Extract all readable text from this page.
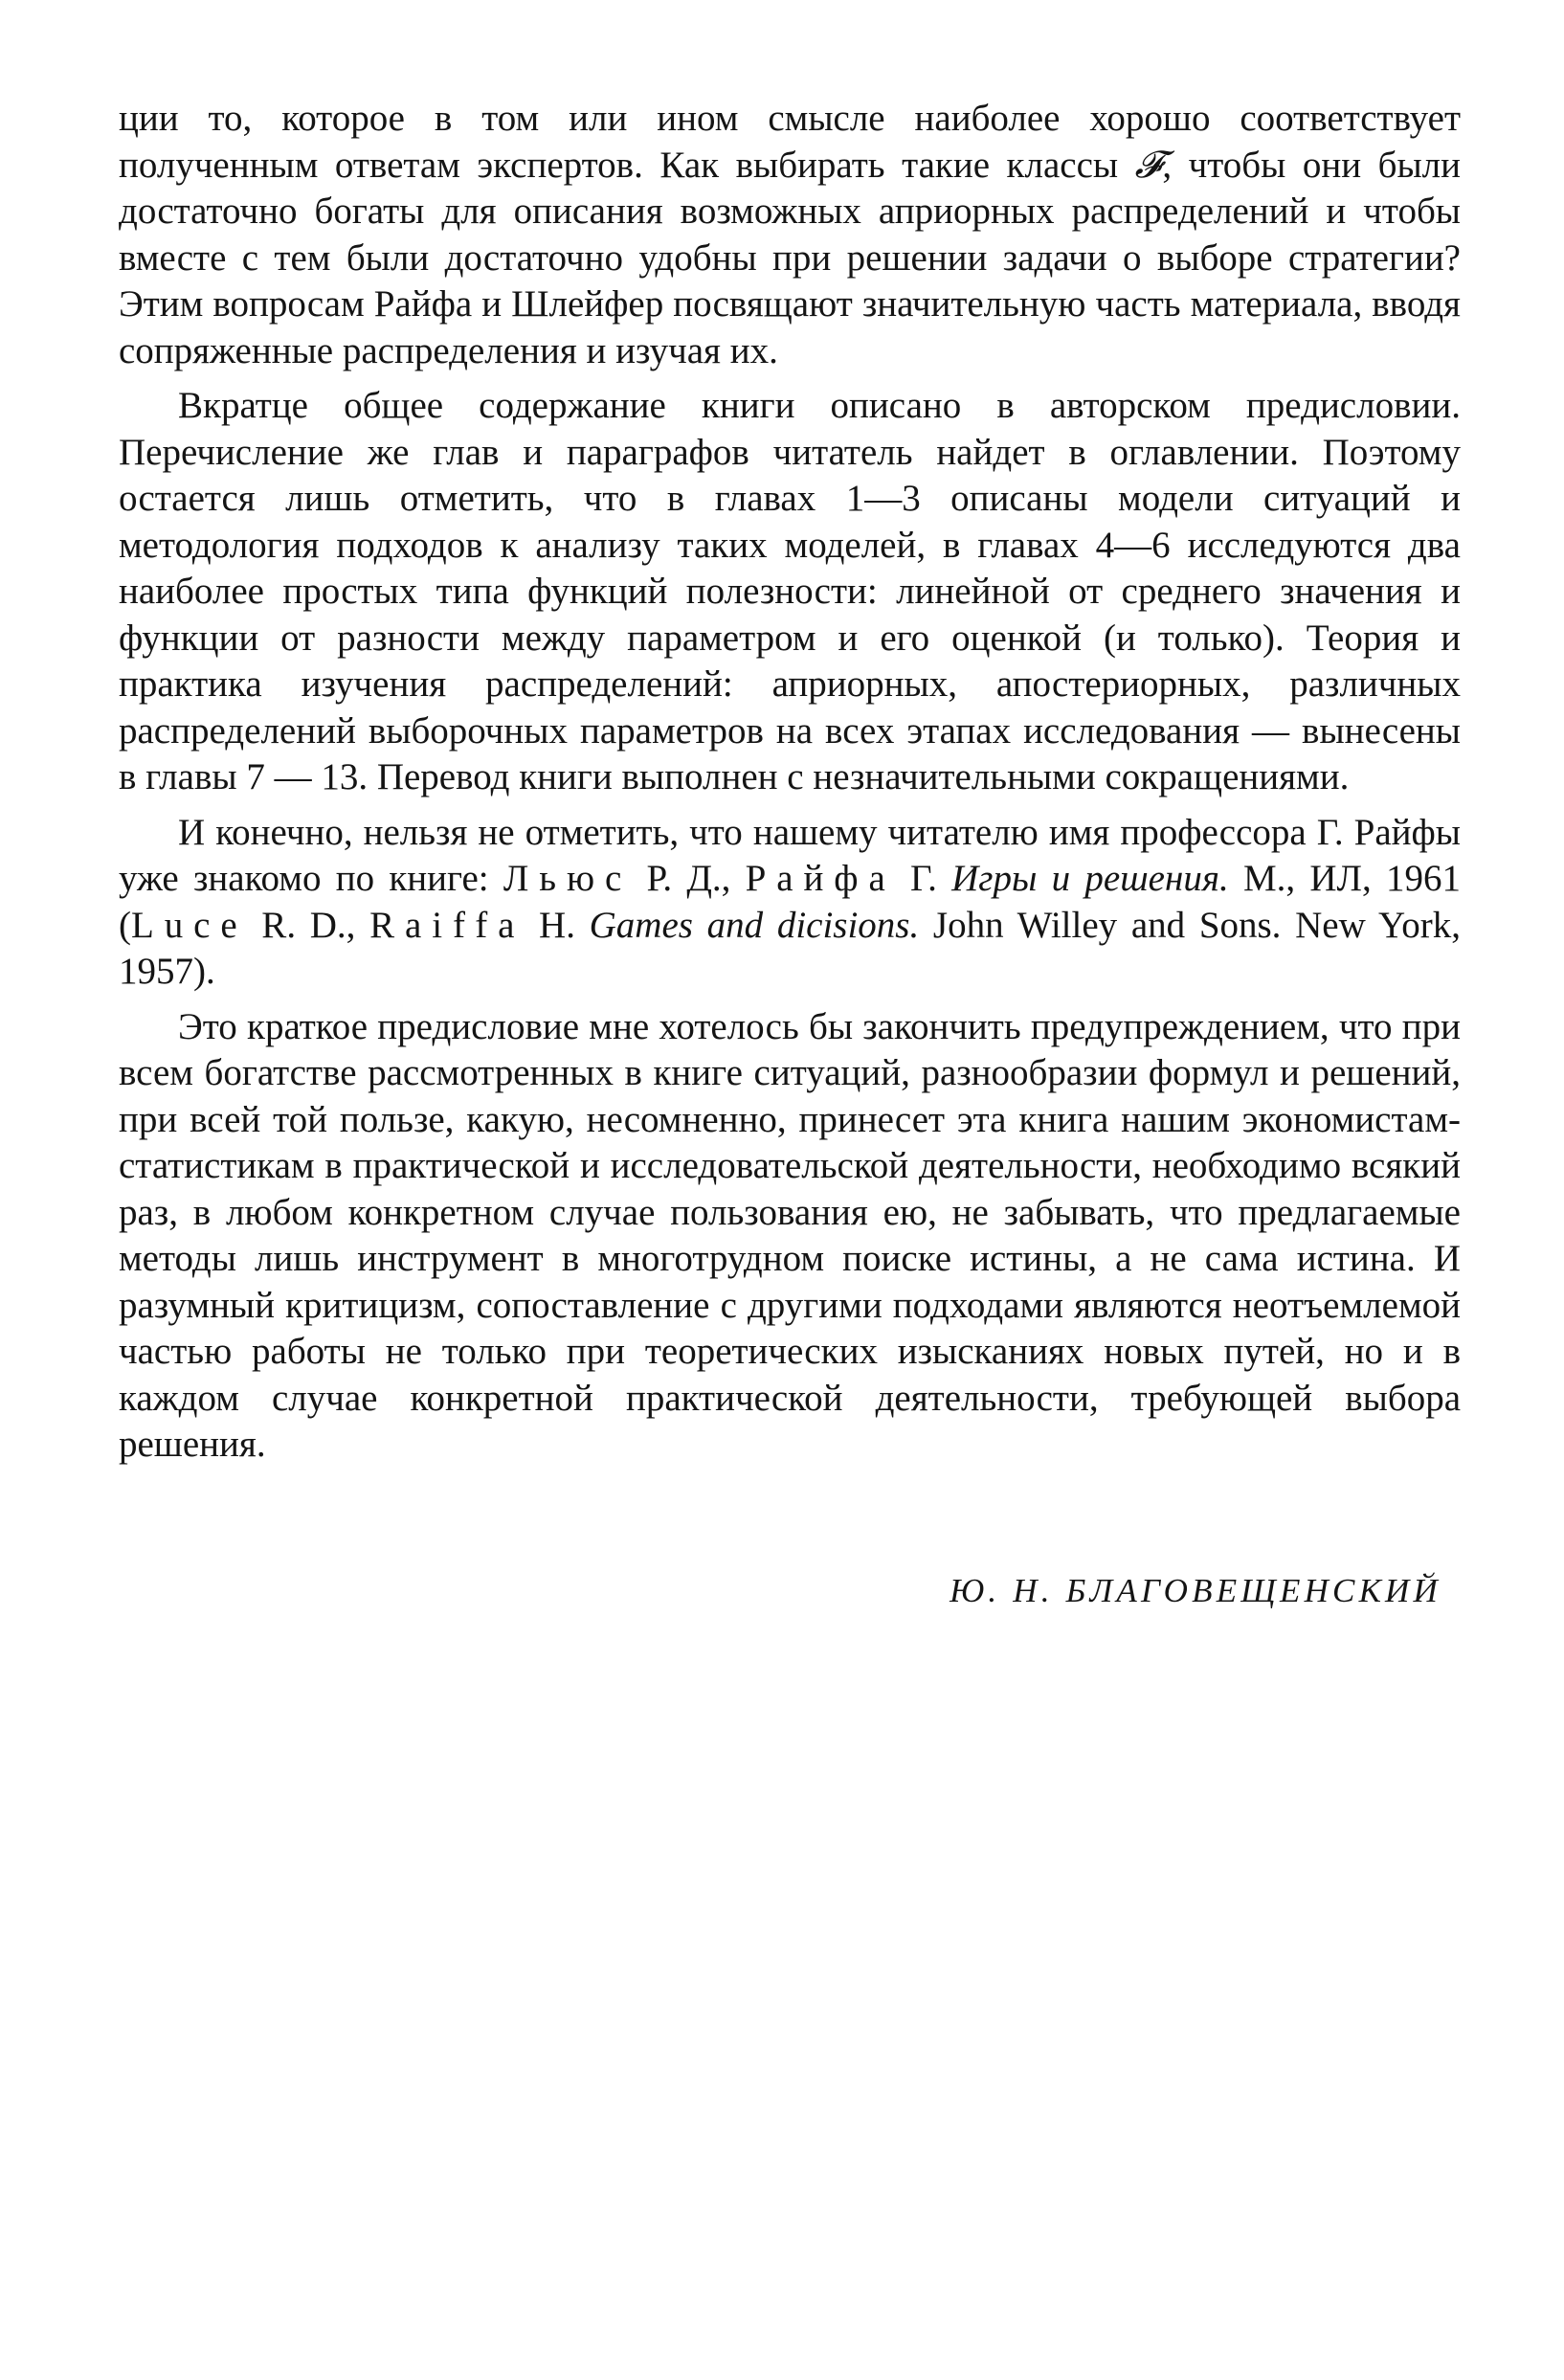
ции то, которое в том или ином смысле наиболее хорошо соответствует полученным ответам экспертов. Как выбирать такие классы 𝓕, чтобы они были достаточно богаты для описания возможных априорных распределений и чтобы вместе с тем были достаточно удобны при решении задачи о выборе стратегии? Этим вопросам Райфа и Шлейфер посвящают значительную часть материала, вводя сопряженные распределения и изучая их.

Вкратце общее содержание книги описано в авторском предисловии. Перечисление же глав и параграфов читатель найдет в оглавлении. Поэтому остается лишь отметить, что в главах 1—3 описаны модели ситуаций и методология подходов к анализу таких моделей, в главах 4—6 исследуются два наиболее простых типа функций полезности: линейной от среднего значения и функции от разности между параметром и его оценкой (и только). Теория и практика изучения распределений: априорных, апостериорных, различных распределений выборочных параметров на всех этапах исследования — вынесены в главы 7 — 13. Перевод книги выполнен с незначительными сокращениями.

И конечно, нельзя не отметить, что нашему читателю имя профессора Г. Райфы уже знакомо по книге: Льюс Р. Д., Райфа Г. Игры и решения. М., ИЛ, 1961 (Luce R. D., Raiffa H. Games and dicisions. John Willey and Sons. New York, 1957).

Это краткое предисловие мне хотелось бы закончить предупреждением, что при всем богатстве рассмотренных в книге ситуаций, разнообразии формул и решений, при всей той пользе, какую, несомненно, принесет эта книга нашим экономистам-статистикам в практической и исследовательской деятельности, необходимо всякий раз, в любом конкретном случае пользования ею, не забывать, что предлагаемые методы лишь инструмент в многотрудном поиске истины, а не сама истина. И разумный критицизм, сопоставление с другими подходами являются неотъемлемой частью работы не только при теоретических изысканиях новых путей, но и в каждом случае конкретной практической деятельности, требующей выбора решения.

Ю. Н. БЛАГОВЕЩЕНСКИЙ
